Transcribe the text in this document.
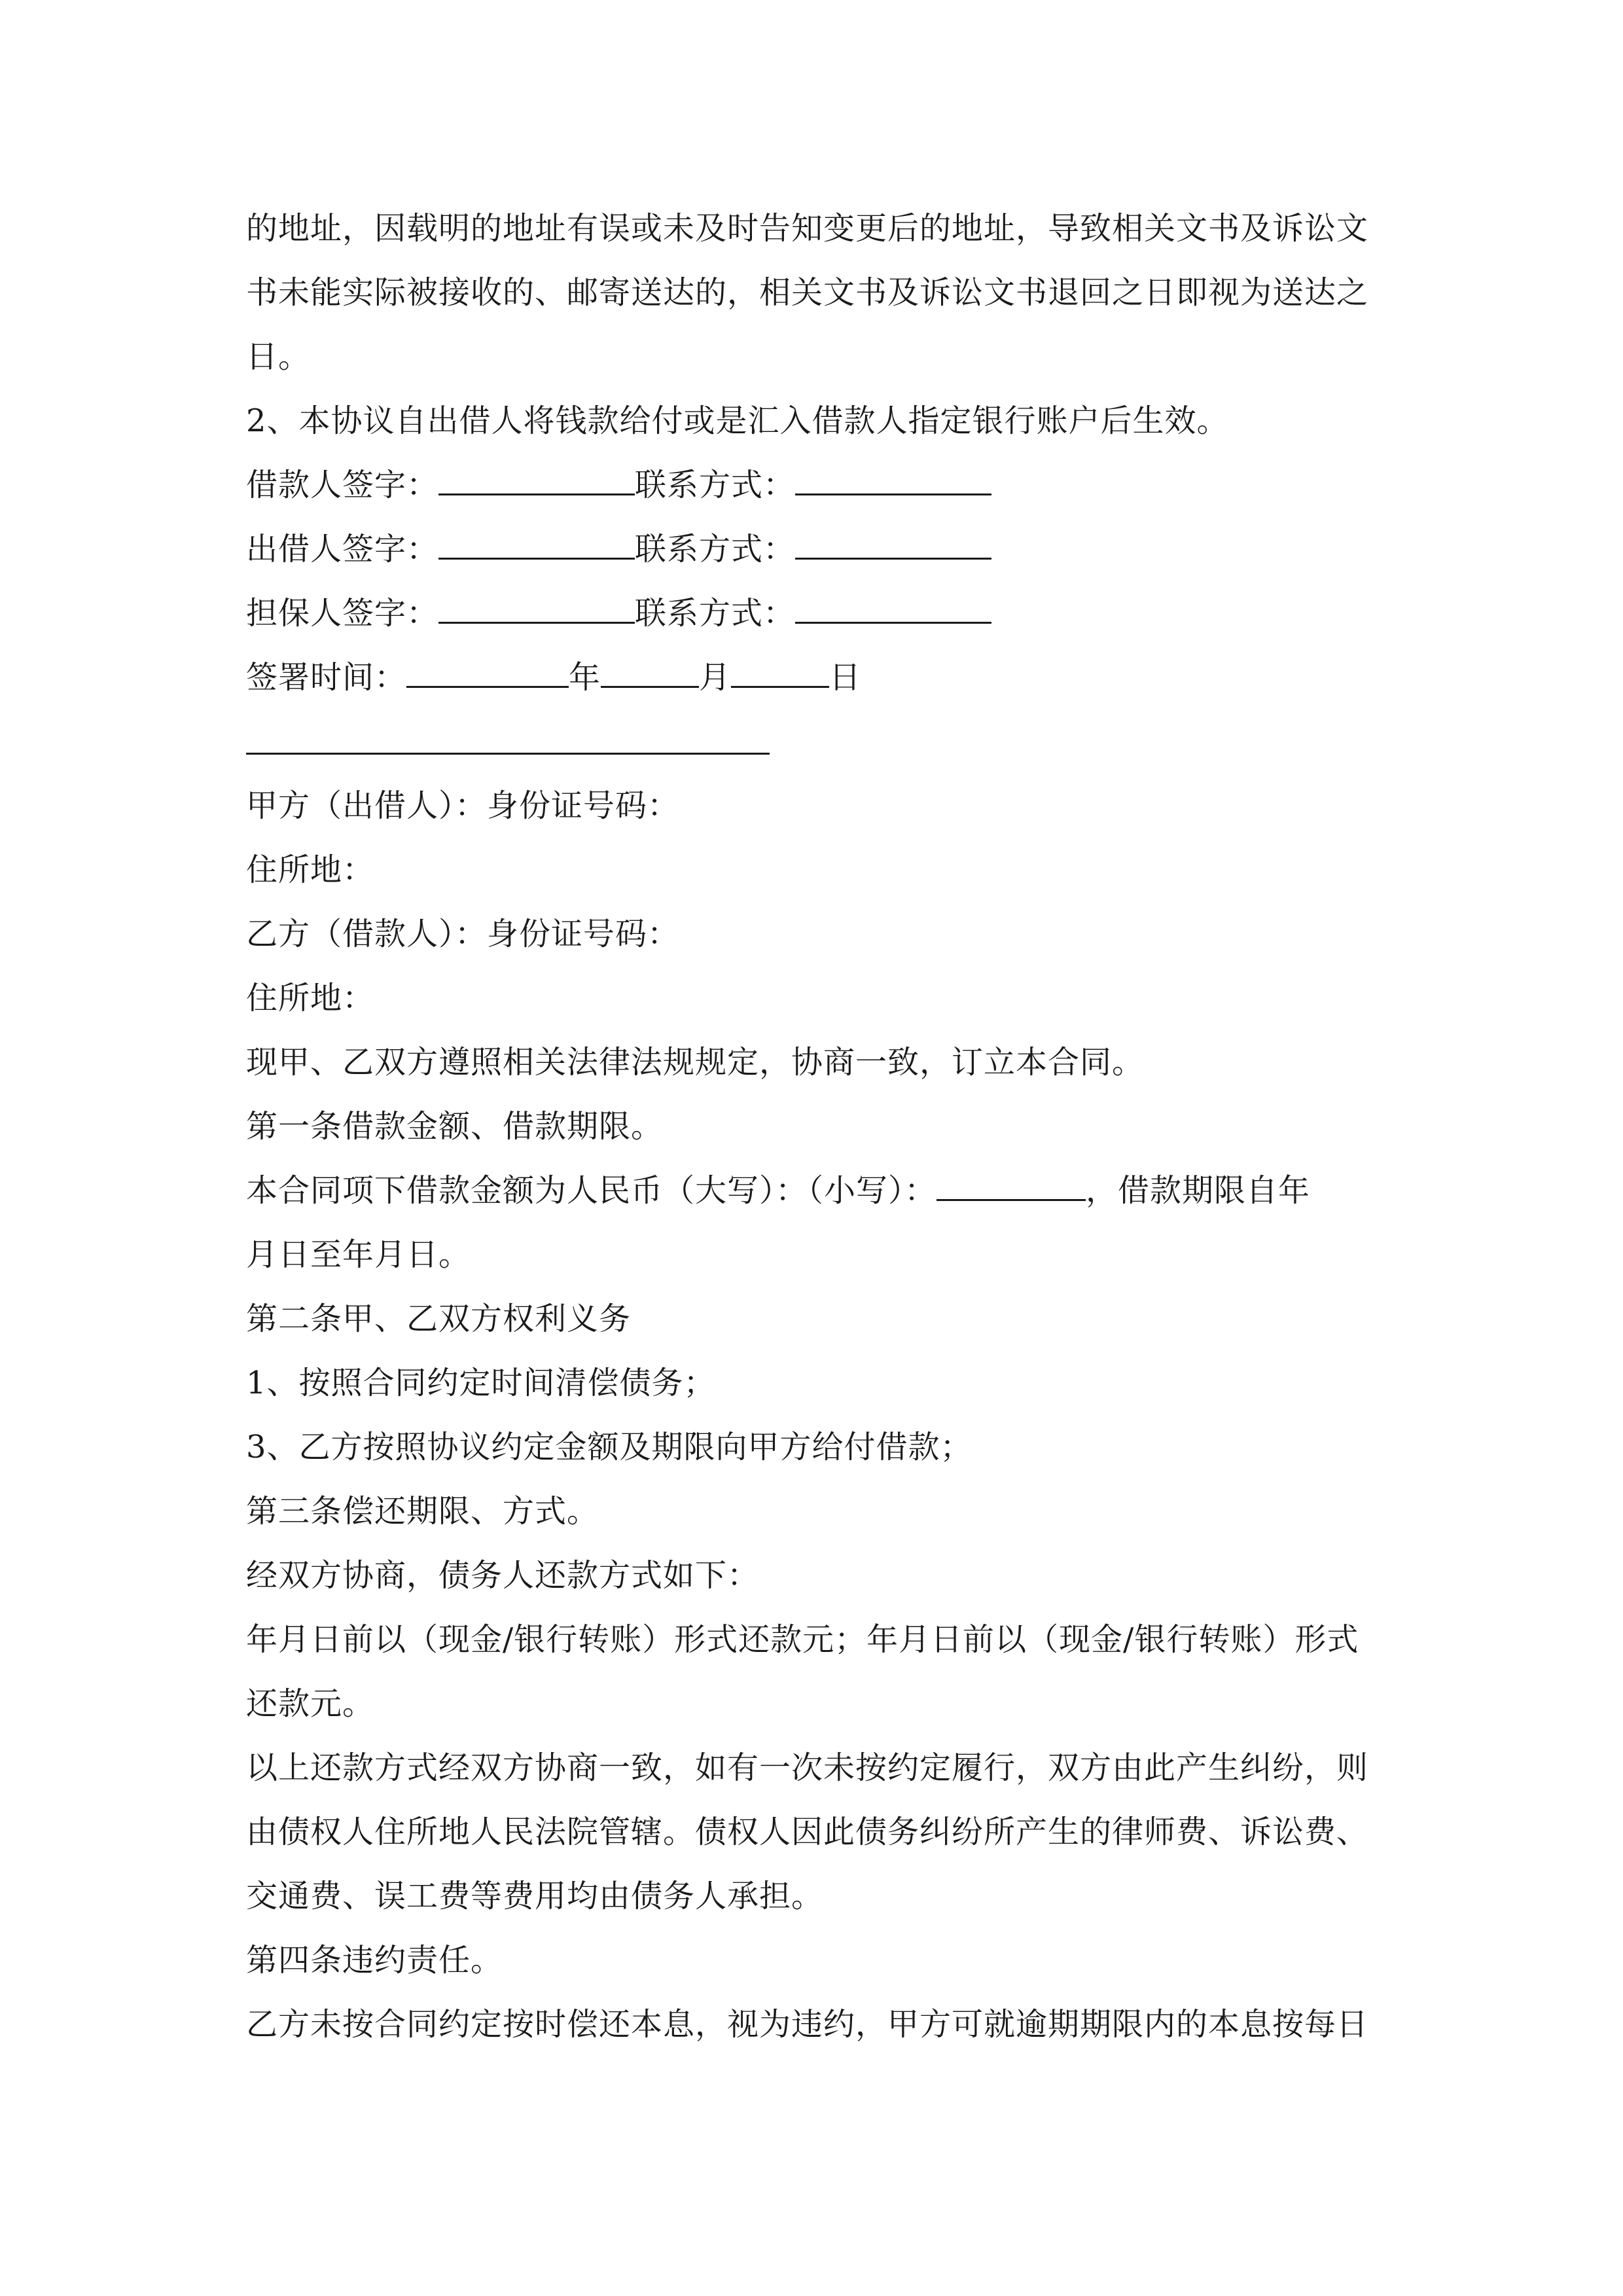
的地址，因载明的地址有误或未及时告知变更后的地址，导致相关文书及诉讼文
书未能实际被接收的、邮寄送达的，相关文书及诉讼文书退回之日即视为送达之
日。
2、本协议自出借人将钱款给付或是汇入借款人指定银行账户后生效。
借款人签字：	联系方式：
出借人签字：	联系方式：
担保人签字：	联系方式：
签署时间：	年	月	日
甲方（出借人）：身份证号码：
住所地：
乙方（借款人）：身份证号码：
住所地：
现甲、乙双方遵照相关法律法规规定，协商一致，订立本合同。
第一条借款金额、借款期限。
本合同项下借款金额为人民币（大写）：（小写）：	，借款期限自年
月日至年月日。
第二条甲、乙双方权利义务
1、按照合同约定时间清偿债务；
3、乙方按照协议约定金额及期限向甲方给付借款；
第三条偿还期限、方式。
经双方协商，债务人还款方式如下：
年月日前以（现金/银行转账）形式还款元；年月日前以（现金/银行转账）形式
还款元。
以上还款方式经双方协商一致，如有一次未按约定履行，双方由此产生纠纷，则
由债权人住所地人民法院管辖。债权人因此债务纠纷所产生的律师费、诉讼费、
交通费、误工费等费用均由债务人承担。
第四条违约责任。
乙方未按合同约定按时偿还本息，视为违约，甲方可就逾期期限内的本息按每日
